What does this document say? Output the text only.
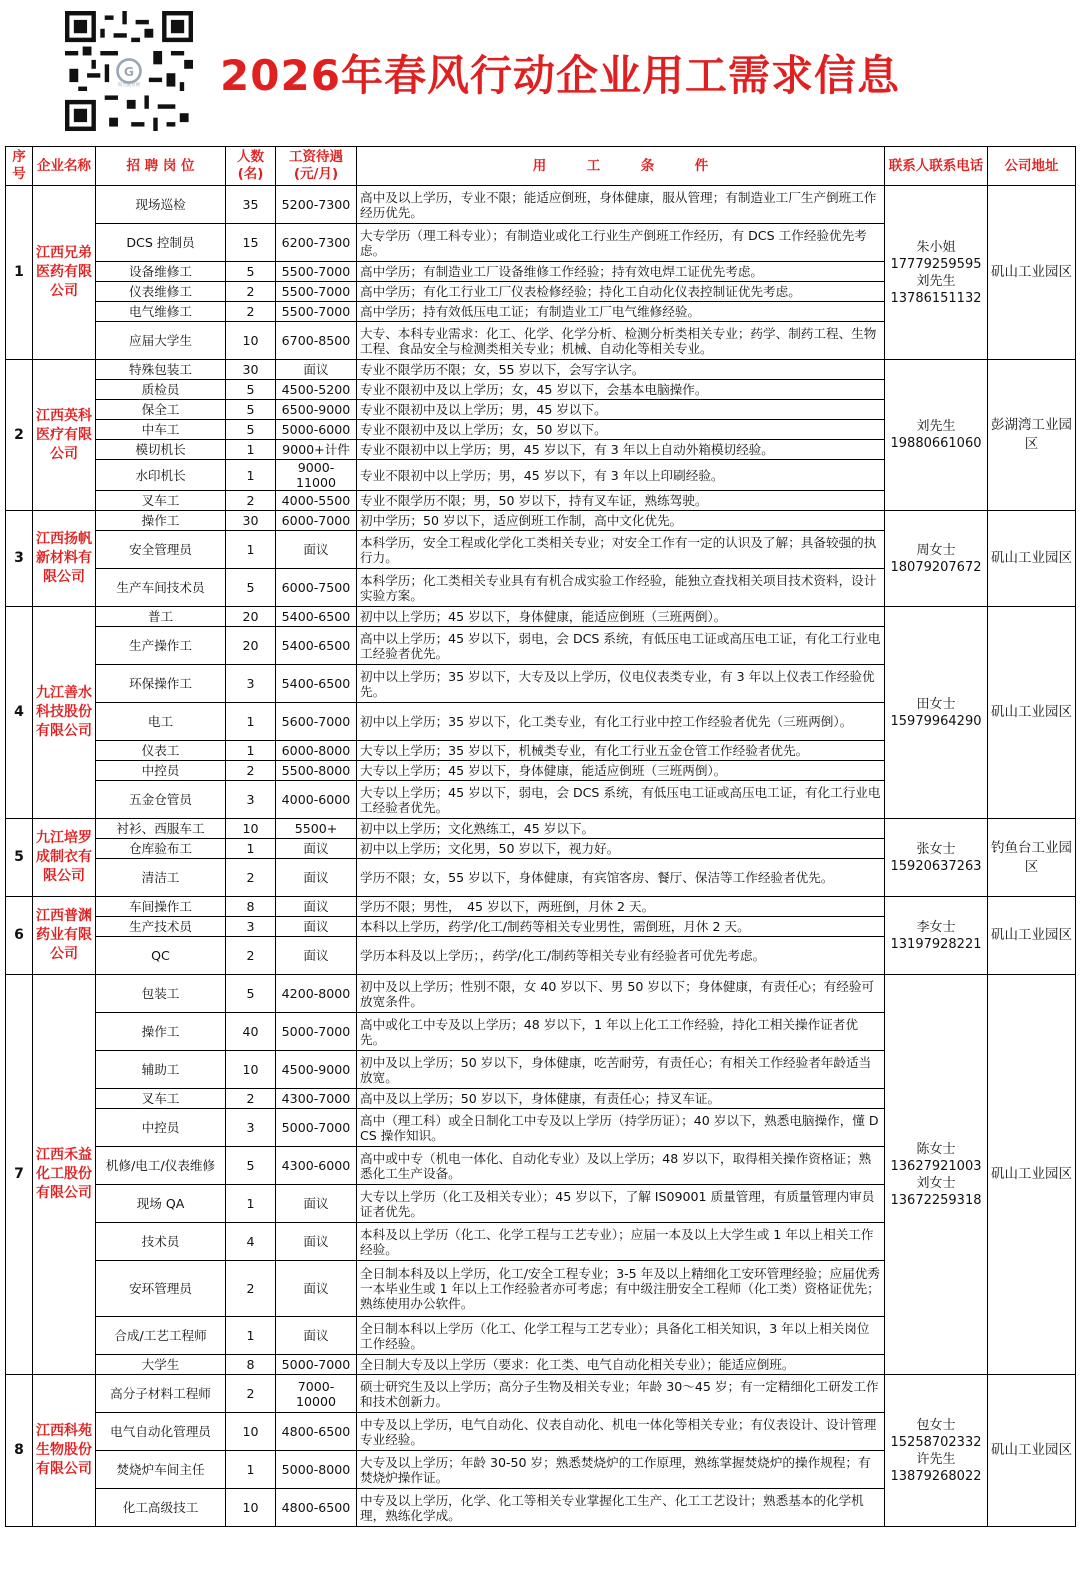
G
阳光就业网 2026年春风行动企业用工需求信息
序号	企业名称	招 聘 岗 位	人数(名)	工资待遇(元/月)	用　　　工　　　条　　　件	联系人联系电话	公司地址
1	江西兄弟医药有限公司	现场巡检	35	5200-7300	高中及以上学历，专业不限；能适应倒班，身体健康，服从管理；有制造业工厂生产倒班工作经历优先。	朱小姐
17779259595
刘先生
13786151132	矶山工业园区
		DCS 控制员	15	6200-7300	大专学历（理工科专业）；有制造业或化工行业生产倒班工作经历，有 DCS 工作经验优先考虑。		
		设备维修工	5	5500-7000	高中学历；有制造业工厂设备维修工作经验；持有效电焊工证优先考虑。		
		仪表维修工	2	5500-7000	高中学历；有化工行业工厂仪表检修经验；持化工自动化仪表控制证优先考虑。		
		电气维修工	2	5500-7000	高中学历；持有效低压电工证；有制造业工厂电气维修经验。		
		应届大学生	10	6700-8500	大专、本科专业需求：化工、化学、化学分析、检测分析类相关专业；药学、制药工程、生物工程、食品安全与检测类相关专业；机械、自动化等相关专业。		
2	江西英科医疗有限公司	特殊包装工	30	面议	专业不限学历不限；女，55 岁以下，会写字认字。	刘先生
19880661060	彭湖湾工业园区
		质检员	5	4500-5200	专业不限初中及以上学历；女，45 岁以下，会基本电脑操作。		
		保全工	5	6500-9000	专业不限初中及以上学历；男，45 岁以下。		
		中车工	5	5000-6000	专业不限初中及以上学历；女，50 岁以下。		
		模切机长	1	9000+计件	专业不限初中以上学历；男，45 岁以下，有 3 年以上自动外箱模切经验。		
		水印机长	1	9000-11000	专业不限初中以上学历；男，45 岁以下，有 3 年以上印刷经验。		
		叉车工	2	4000-5500	专业不限学历不限；男，50 岁以下，持有叉车证，熟练驾驶。		
3	江西扬帆新材料有限公司	操作工	30	6000-7000	初中学历；50 岁以下，适应倒班工作制，高中文化优先。	周女士
18079207672	矶山工业园区
		安全管理员	1	面议	本科学历，安全工程或化学化工类相关专业；对安全工作有一定的认识及了解；具备较强的执行力。		
		生产车间技术员	5	6000-7500	本科学历；化工类相关专业具有有机合成实验工作经验，能独立查找相关项目技术资料，设计实验方案。		
4	九江善水科技股份有限公司	普工	20	5400-6500	初中以上学历；45 岁以下，身体健康，能适应倒班（三班两倒）。	田女士
15979964290	矶山工业园区
		生产操作工	20	5400-6500	高中以上学历；45 岁以下，弱电，会 DCS 系统，有低压电工证或高压电工证，有化工行业电工经验者优先。		
		环保操作工	3	5400-6500	初中以上学历；35 岁以下，大专及以上学历，仪电仪表类专业，有 3 年以上仪表工作经验优先。		
		电工	1	5600-7000	初中以上学历；35 岁以下，化工类专业，有化工行业中控工作经验者优先（三班两倒）。		
		仪表工	1	6000-8000	大专以上学历；35 岁以下，机械类专业，有化工行业五金仓管工作经验者优先。		
		中控员	2	5500-8000	大专以上学历；45 岁以下，身体健康，能适应倒班（三班两倒）。		
		五金仓管员	3	4000-6000	大专以上学历；45 岁以下，弱电，会 DCS 系统，有低压电工证或高压电工证，有化工行业电工经验者优先。		
5	九江培罗成制衣有限公司	衬衫、西服车工	10	5500+	初中以上学历；文化熟练工，45 岁以下。	张女士
15920637263	钓鱼台工业园区
		仓库验布工	1	面议	初中以上学历；文化男，50 岁以下，视力好。		
		清洁工	2	面议	学历不限；女，55 岁以下，身体健康，有宾馆客房、餐厅、保洁等工作经验者优先。		
6	江西普渊药业有限公司	车间操作工	8	面议	学历不限；男性，　45 岁以下，两班倒，月休 2 天。	李女士
13197928221	矶山工业园区
		生产技术员	3	面议	本科以上学历，药学/化工/制药等相关专业男性，需倒班，月休 2 天。		
		QC	2	面议	学历本科及以上学历；，药学/化工/制药等相关专业有经验者可优先考虑。		
7	江西禾益化工股份有限公司	包装工	5	4200-8000	初中及以上学历；性别不限，女 40 岁以下、男 50 岁以下；身体健康，有责任心；有经验可放宽条件。	陈女士
13627921003
刘女士
13672259318	矶山工业园区
		操作工	40	5000-7000	高中或化工中专及以上学历；48 岁以下，1 年以上化工工作经验，持化工相关操作证者优先。		
		辅助工	10	4500-9000	初中及以上学历；50 岁以下，身体健康，吃苦耐劳，有责任心；有相关工作经验者年龄适当放宽。		
		叉车工	2	4300-7000	高中及以上学历；50 岁以下，身体健康，有责任心；持叉车证。		
		中控员	3	5000-7000	高中（理工科）或全日制化工中专及以上学历（持学历证）；40 岁以下，熟悉电脑操作，懂 DCS 操作知识。		
		机修/电工/仪表维修	5	4300-6000	高中或中专（机电一体化、自动化专业）及以上学历；48 岁以下，取得相关操作资格证；熟悉化工生产设备。		
		现场 QA	1	面议	大专以上学历（化工及相关专业）；45 岁以下，了解 IS09001 质量管理，有质量管理内审员证者优先。		
		技术员	4	面议	本科及以上学历（化工、化学工程与工艺专业）；应届一本及以上大学生或 1 年以上相关工作经验。		
		安环管理员	2	面议	全日制本科及以上学历，化工/安全工程专业；3-5 年及以上精细化工安环管理经验；应届优秀一本毕业生或 1 年以上工作经验者亦可考虑；有中级注册安全工程师（化工类）资格证优先；熟练使用办公软件。		
		合成/工艺工程师	1	面议	全日制本科以上学历（化工、化学工程与工艺专业）；具备化工相关知识，3 年以上相关岗位工作经验。		
		大学生	8	5000-7000	全日制大专及以上学历（要求：化工类、电气自动化相关专业）；能适应倒班。		
8	江西科苑生物股份有限公司	高分子材料工程师	2	7000-10000	硕士研究生及以上学历；高分子生物及相关专业；年龄 30～45 岁；有一定精细化工研发工作和技术创新力。	包女士
15258702332
许先生
13879268022	矶山工业园区
		电气自动化管理员	10	4800-6500	中专及以上学历，电气自动化、仪表自动化、机电一体化等相关专业；有仪表设计、设计管理专业经验。		
		焚烧炉车间主任	1	5000-8000	大专及以上学历；年龄 30-50 岁；熟悉焚烧炉的工作原理，熟练掌握焚烧炉的操作规程；有焚烧炉操作证。		
		化工高级技工	10	4800-6500	中专及以上学历，化学、化工等相关专业掌握化工生产、化工工艺设计；熟悉基本的化学机理，熟练化学成。		
